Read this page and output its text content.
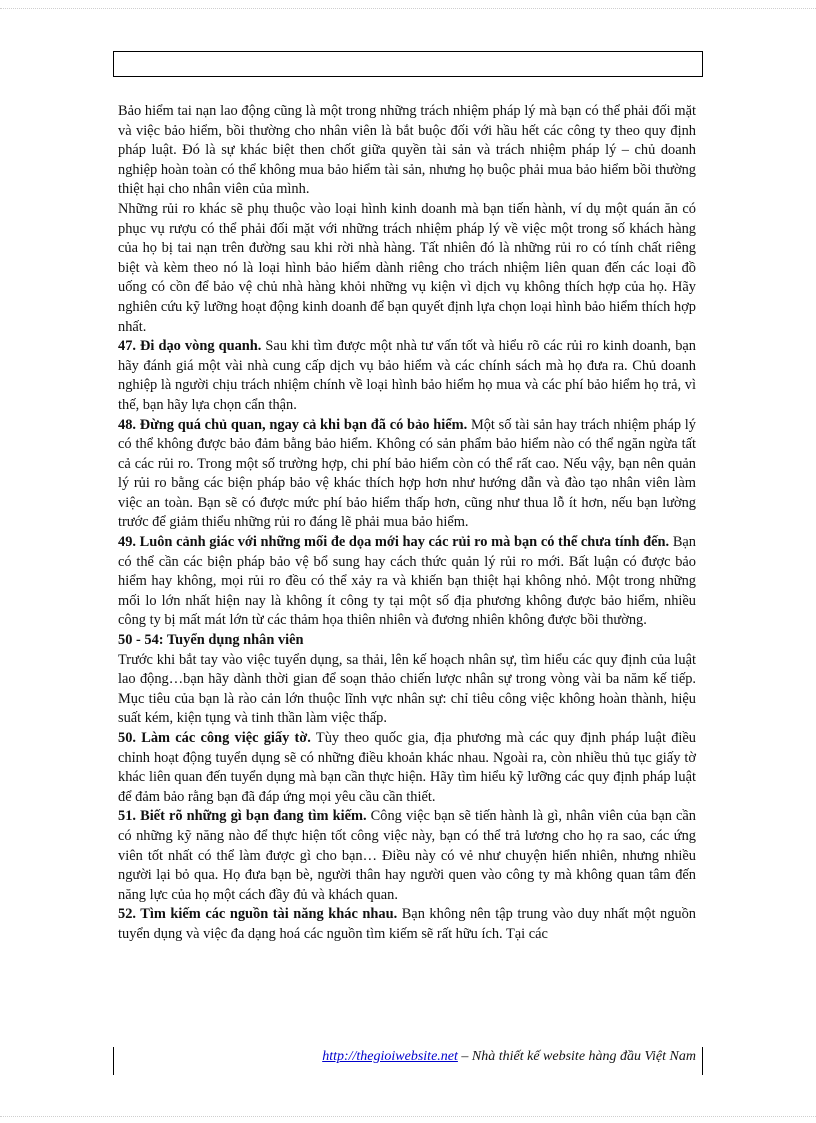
Bảo hiểm tai nạn lao động cũng là một trong những trách nhiệm pháp lý mà bạn có thể phải đối mặt và việc bảo hiểm, bồi thường cho nhân viên là bắt buộc đối với hầu hết các công ty theo quy định pháp luật. Đó là sự khác biệt then chốt giữa quyền tài sản và trách nhiệm pháp lý – chủ doanh nghiệp hoàn toàn có thể không mua bảo hiểm tài sản, nhưng họ buộc phải mua bảo hiểm bồi thường thiệt hại cho nhân viên của mình.

Những rủi ro khác sẽ phụ thuộc vào loại hình kinh doanh mà bạn tiến hành, ví dụ một quán ăn có phục vụ rượu có thể phải đối mặt với những trách nhiệm pháp lý về việc một trong số khách hàng của họ bị tai nạn trên đường sau khi rời nhà hàng. Tất nhiên đó là những rủi ro có tính chất riêng biệt và kèm theo nó là loại hình bảo hiểm dành riêng cho trách nhiệm liên quan đến các loại đồ uống có cồn để bảo vệ chủ nhà hàng khỏi những vụ kiện vì dịch vụ không thích hợp của họ. Hãy nghiên cứu kỹ lưỡng hoạt động kinh doanh để bạn quyết định lựa chọn loại hình bảo hiểm thích hợp nhất.

47. Đi dạo vòng quanh. Sau khi tìm được một nhà tư vấn tốt và hiểu rõ các rủi ro kinh doanh, bạn hãy đánh giá một vài nhà cung cấp dịch vụ bảo hiểm và các chính sách mà họ đưa ra. Chủ doanh nghiệp là người chịu trách nhiệm chính về loại hình bảo hiểm họ mua và các phí bảo hiểm họ trả, vì thế, bạn hãy lựa chọn cẩn thận.

48. Đừng quá chủ quan, ngay cả khi bạn đã có bảo hiểm. Một số tài sản hay trách nhiệm pháp lý có thể không được bảo đảm bằng bảo hiểm. Không có sản phẩm bảo hiểm nào có thể ngăn ngừa tất cả các rủi ro. Trong một số trường hợp, chi phí bảo hiểm còn có thể rất cao. Nếu vậy, bạn nên quản lý rủi ro bằng các biện pháp bảo vệ khác thích hợp hơn như hướng dẫn và đào tạo nhân viên làm việc an toàn. Bạn sẽ có được mức phí bảo hiểm thấp hơn, cũng như thua lỗ ít hơn, nếu bạn lường trước để giảm thiểu những rủi ro đáng lẽ phải mua bảo hiểm.

49. Luôn cảnh giác với những mối đe dọa mới hay các rủi ro mà bạn có thể chưa tính đến. Bạn có thể cần các biện pháp bảo vệ bổ sung hay cách thức quản lý rủi ro mới. Bất luận có được bảo hiểm hay không, mọi rủi ro đều có thể xảy ra và khiến bạn thiệt hại không nhỏ. Một trong những mối lo lớn nhất hiện nay là không ít công ty tại một số địa phương không được bảo hiểm, nhiều công ty bị mất mát lớn từ các thảm họa thiên nhiên và đương nhiên không được bồi thường.

50 - 54: Tuyển dụng nhân viên

Trước khi bắt tay vào việc tuyển dụng, sa thải, lên kế hoạch nhân sự, tìm hiểu các quy định của luật lao động…bạn hãy dành thời gian để soạn thảo chiến lược nhân sự trong vòng vài ba năm kế tiếp. Mục tiêu của bạn là rào cản lớn thuộc lĩnh vực nhân sự: chỉ tiêu công việc không hoàn thành, hiệu suất kém, kiện tụng và tinh thần làm việc thấp.

50. Làm các công việc giấy tờ. Tùy theo quốc gia, địa phương mà các quy định pháp luật điều chỉnh hoạt động tuyển dụng sẽ có những điều khoản khác nhau. Ngoài ra, còn nhiều thủ tục giấy tờ khác liên quan đến tuyển dụng mà bạn cần thực hiện. Hãy tìm hiểu kỹ lưỡng các quy định pháp luật để đảm bảo rằng bạn đã đáp ứng mọi yêu cầu cần thiết.

51. Biết rõ những gì bạn đang tìm kiếm. Công việc bạn sẽ tiến hành là gì, nhân viên của bạn cần có những kỹ năng nào để thực hiện tốt công việc này, bạn có thể trả lương cho họ ra sao, các ứng viên tốt nhất có thể làm được gì cho bạn… Điều này có vẻ như chuyện hiển nhiên, nhưng nhiều người lại bỏ qua. Họ đưa bạn bè, người thân hay người quen vào công ty mà không quan tâm đến năng lực của họ một cách đầy đủ và khách quan.

52. Tìm kiếm các nguồn tài năng khác nhau. Bạn không nên tập trung vào duy nhất một nguồn tuyển dụng và việc đa dạng hoá các nguồn tìm kiếm sẽ rất hữu ích. Tại các

http://thegioiwebsite.net – Nhà thiết kế website hàng đầu Việt Nam
